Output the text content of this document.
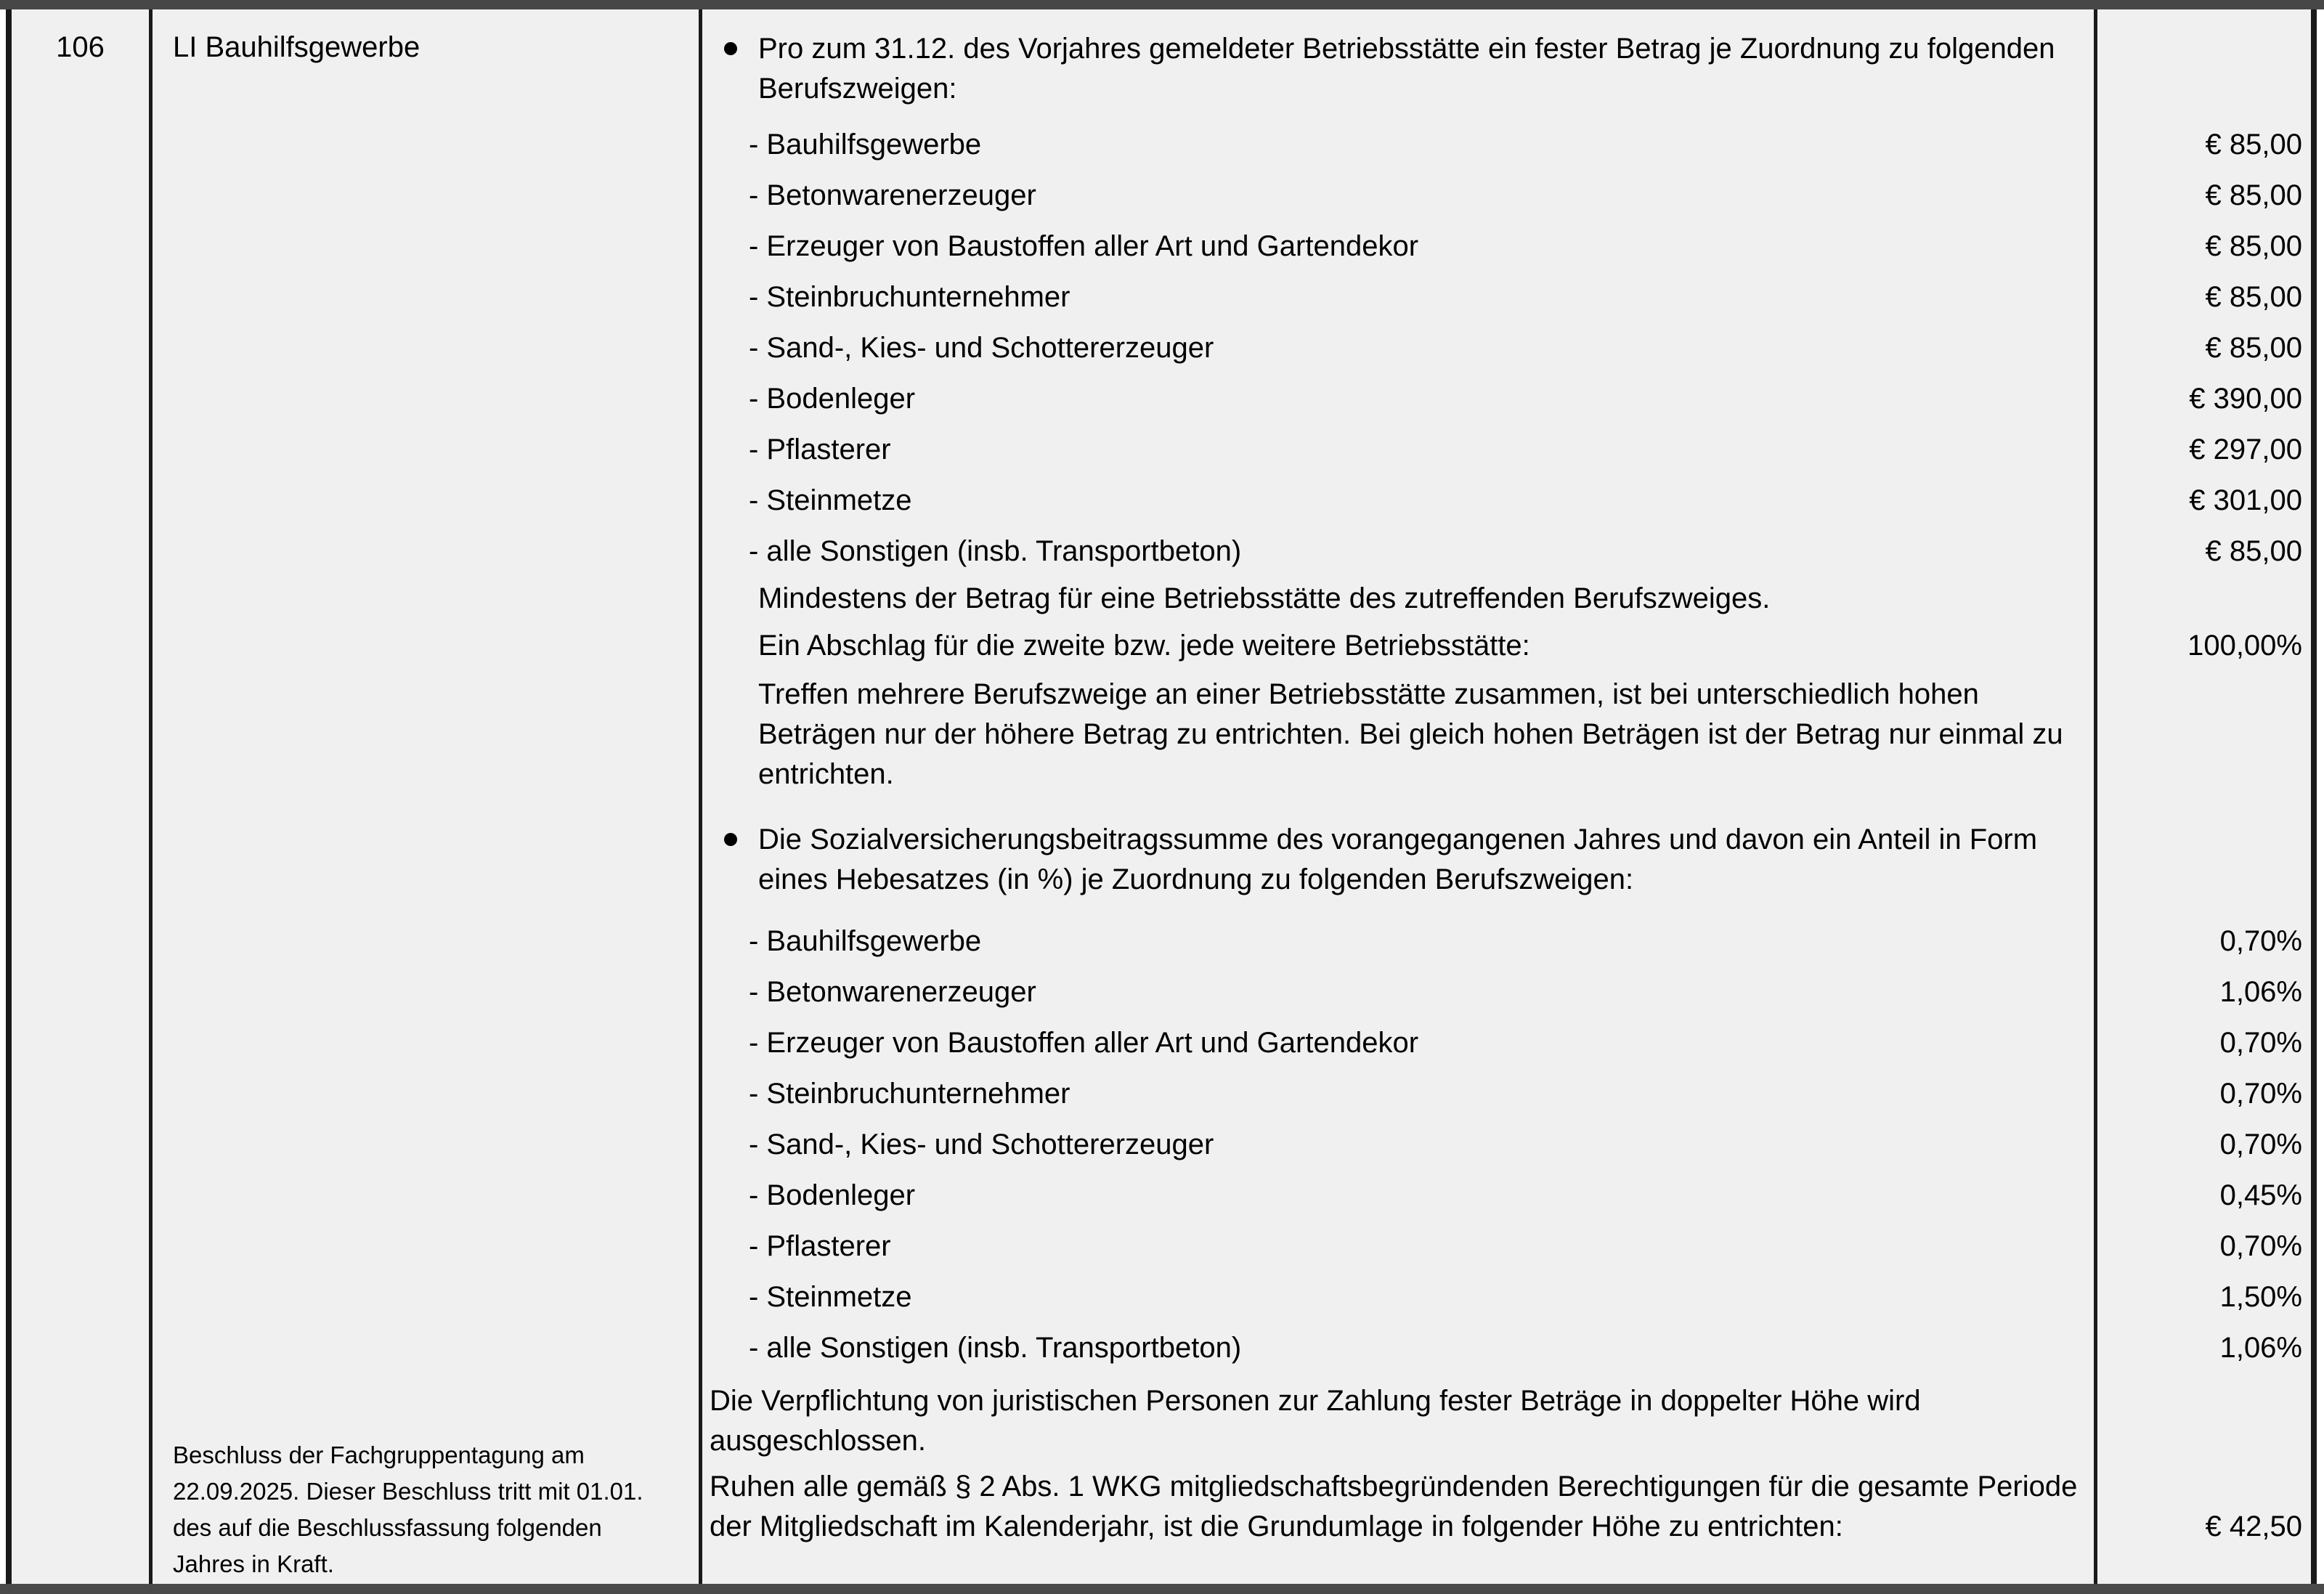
106	LI Bauhilfsgewerbe
Beschluss der Fachgruppentagung am 22.09.2025. Dieser Beschluss tritt mit 01.01. des auf die Beschlussfassung folgenden Jahres in Kraft.
Pro zum 31.12. des Vorjahres gemeldeter Betriebsstätte ein fester Betrag je Zuordnung zu folgenden Berufszweigen:
- Bauhilfsgewerbe	€ 85,00
- Betonwarenerzeuger	€ 85,00
- Erzeuger von Baustoffen aller Art und Gartendekor	€ 85,00
- Steinbruchunternehmer	€ 85,00
- Sand-, Kies- und Schottererzeuger	€ 85,00
- Bodenleger	€ 390,00
- Pflasterer	€ 297,00
- Steinmetze	€ 301,00
- alle Sonstigen (insb. Transportbeton)	€ 85,00
Mindestens der Betrag für eine Betriebsstätte des zutreffenden Berufszweiges.
Ein Abschlag für die zweite bzw. jede weitere Betriebsstätte:	100,00%
Treffen mehrere Berufszweige an einer Betriebsstätte zusammen, ist bei unterschiedlich hohen Beträgen nur der höhere Betrag zu entrichten. Bei gleich hohen Beträgen ist der Betrag nur einmal zu entrichten.
Die Sozialversicherungsbeitragssumme des vorangegangenen Jahres und davon ein Anteil in Form eines Hebesatzes (in %) je Zuordnung zu folgenden Berufszweigen:
- Bauhilfsgewerbe	0,70%
- Betonwarenerzeuger	1,06%
- Erzeuger von Baustoffen aller Art und Gartendekor	0,70%
- Steinbruchunternehmer	0,70%
- Sand-, Kies- und Schottererzeuger	0,70%
- Bodenleger	0,45%
- Pflasterer	0,70%
- Steinmetze	1,50%
- alle Sonstigen (insb. Transportbeton)	1,06%
Die Verpflichtung von juristischen Personen zur Zahlung fester Beträge in doppelter Höhe wird ausgeschlossen.
Ruhen alle gemäß § 2 Abs. 1 WKG mitgliedschaftsbegründenden Berechtigungen für die gesamte Periode der Mitgliedschaft im Kalenderjahr, ist die Grundumlage in folgender Höhe zu entrichten:	€ 42,50
